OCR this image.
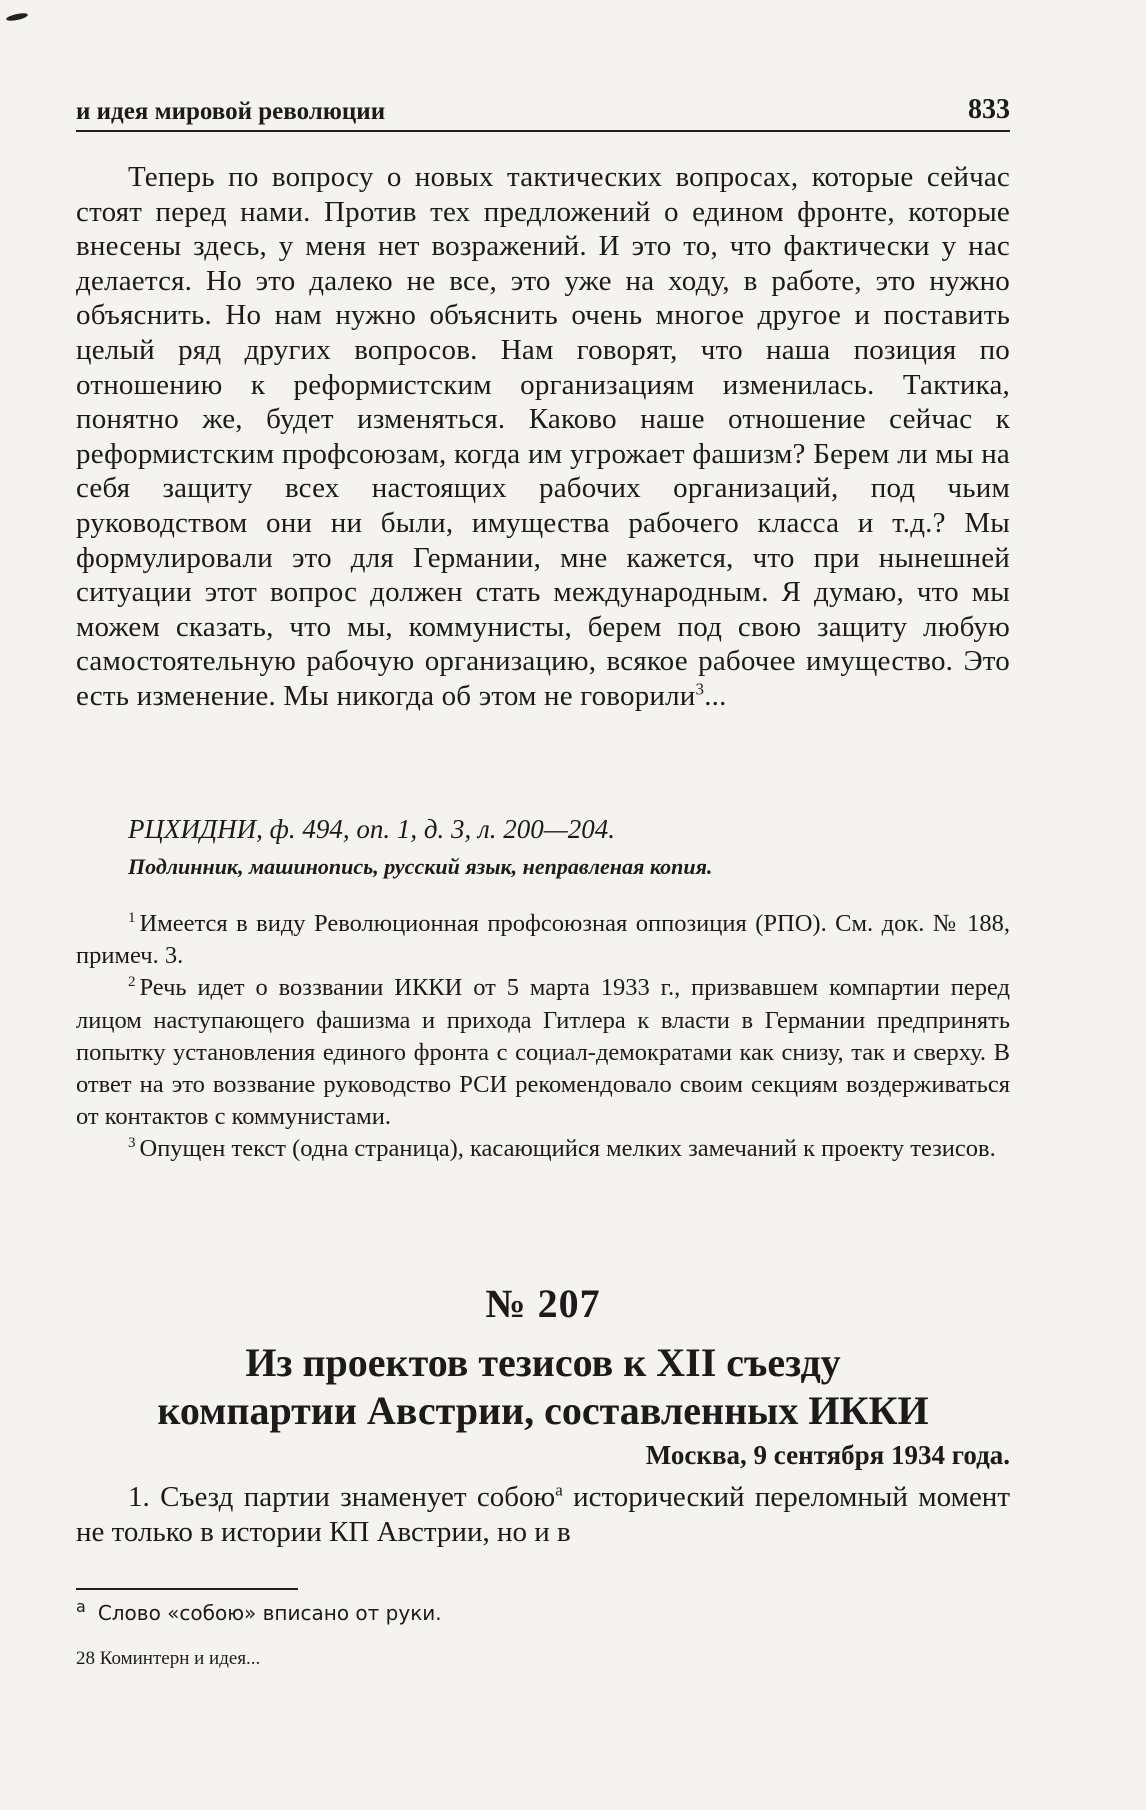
и идея мировой революции	833

Теперь по вопросу о новых тактических вопросах, которые сейчас стоят перед нами. Против тех предложений о едином фронте, которые внесены здесь, у меня нет возражений. И это то, что фактически у нас делается. Но это далеко не все, это уже на ходу, в работе, это нужно объяснить. Но нам нужно объяснить очень многое другое и поставить целый ряд других вопросов. Нам говорят, что наша позиция по отношению к реформистским организациям изменилась. Тактика, понятно же, будет изменяться. Каково наше отношение сейчас к реформистским профсоюзам, когда им угрожает фашизм? Берем ли мы на себя защиту всех настоящих рабочих организаций, под чьим руководством они ни были, имущества рабочего класса и т.д.? Мы формулировали это для Германии, мне кажется, что при нынешней ситуации этот вопрос должен стать международным. Я думаю, что мы можем сказать, что мы, коммунисты, берем под свою защиту любую самостоятельную рабочую организацию, всякое рабочее имущество. Это есть изменение. Мы никогда об этом не говорили$^3$...

РЦХИДНИ, ф. 494, оп. 1, д. 3, л. 200—204.
Подлинник, машинопись, русский язык, неправленая копия.

$^1$ Имеется в виду Революционная профсоюзная оппозиция (РПО). См. док. № 188, примеч. 3.

$^2$ Речь идет о воззвании ИККИ от 5 марта 1933 г., призвавшем компартии перед лицом наступающего фашизма и прихода Гитлера к власти в Германии предпринять попытку установления единого фронта с социал-демократами как снизу, так и сверху. В ответ на это воззвание руководство РСИ рекомендовало своим секциям воздерживаться от контактов с коммунистами.

$^3$ Опущен текст (одна страница), касающийся мелких замечаний к проекту тезисов.

№ 207
Из проектов тезисов к XII съезду
компартии Австрии, составленных ИККИ
Москва, 9 сентября 1934 года.

1. Съезд партии знаменует собою$^а$ исторический переломный момент не только в истории КП Австрии, но и в

$^а$ Слово «собою» вписано от руки.
28 Коминтерн и идея...
